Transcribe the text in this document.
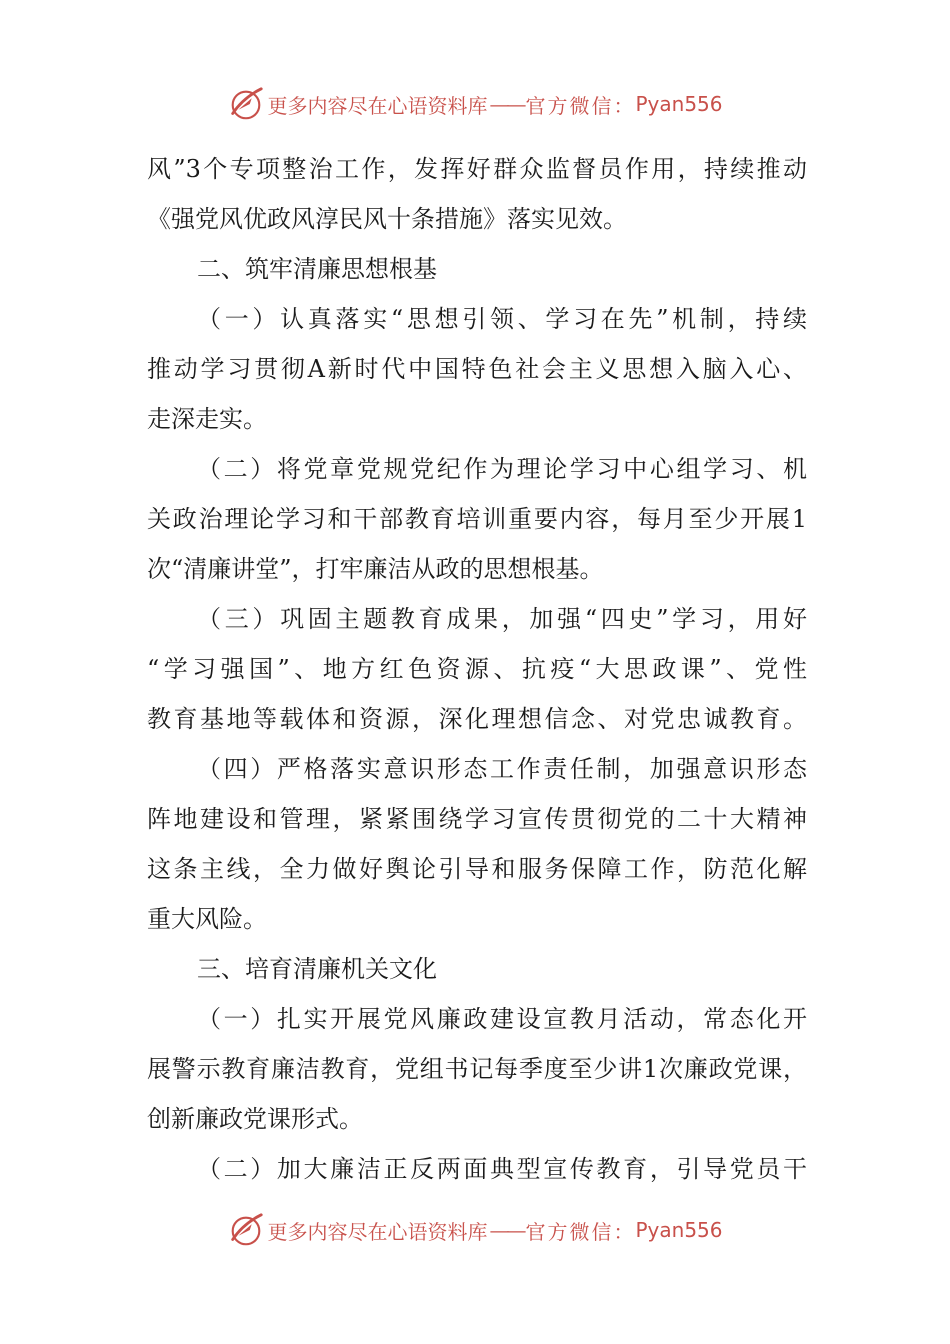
更多内容尽在心语资料库 —— 官方微信： Pyan556
风”3个专项整治工作，发挥好群众监督员作用，持续推动
《强党风优政风淳民风十条措施》落实见效。
二、筑牢清廉思想根基
（一）认真落实“思想引领、学习在先”机制，持续
推动学习贯彻A新时代中国特色社会主义思想入脑入心、
走深走实。
（二）将党章党规党纪作为理论学习中心组学习、机
关政治理论学习和干部教育培训重要内容，每月至少开展1
次“清廉讲堂”，打牢廉洁从政的思想根基。
（三）巩固主题教育成果，加强“四史”学习，用好
“学习强国”、地方红色资源、抗疫“大思政课”、党性
教育基地等载体和资源，深化理想信念、对党忠诚教育。
（四）严格落实意识形态工作责任制，加强意识形态
阵地建设和管理，紧紧围绕学习宣传贯彻党的二十大精神
这条主线，全力做好舆论引导和服务保障工作，防范化解
重大风险。
三、培育清廉机关文化
（一）扎实开展党风廉政建设宣教月活动，常态化开
展警示教育廉洁教育，党组书记每季度至少讲1次廉政党课，
创新廉政党课形式。
（二）加大廉洁正反两面典型宣传教育，引导党员干
更多内容尽在心语资料库 —— 官方微信： Pyan556
